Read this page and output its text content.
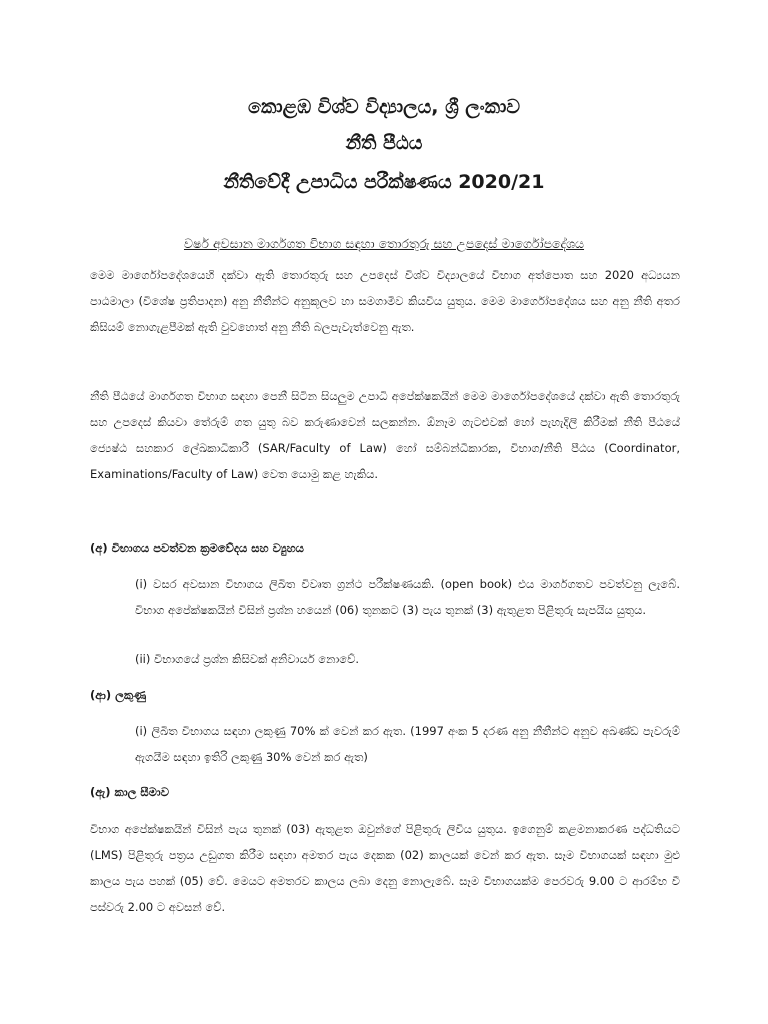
කොළඹ විශ්ව විද්‍යාලය, ශ්‍රී ලංකාව

නීති පීඨය

නීතිවේදී උපාධිය පරීක්ෂණය 2020/21

වර්ෂ අවසාන මාර්ගගත විභාග සඳහා තොරතුරු සහ උපදෙස් මාර්ගෝපදේශය

මෙම මාර්ගෝපදේශයෙහි දක්වා ඇති තොරතුරු සහ උපදෙස් විශ්ව විද්‍යාලයේ විභාග අත්පොත සහ 2020 අධ්‍යයන පාඨමාලා (විශේෂ ප්‍රතිපාදන) අනු නීතීන්ට අනුකූලව හා සමගාමීව කියවිය යුතුය. මෙම මාර්ගෝපදේශය සහ අනු නීති අතර කිසියම් නොගැළපීමක් ඇති වුවහොත් අනු නීති බලපැවැත්වෙනු ඇත.

නීති පීඨයේ මාර්ගගත විභාග සඳහා පෙනී සිටින සියලුම උපාධි අපේක්ෂකයින් මෙම මාර්ගෝපදේශයේ දක්වා ඇති තොරතුරු සහ උපදෙස් කියවා තේරුම් ගත යුතු බව කරුණාවෙන් සලකන්න. ඕනෑම ගැටළුවක් හෝ පැහැදිලි කිරීමක් නීති පීඨයේ ජ්‍යෙෂ්ඨ සහකාර ලේඛකාධිකාරී (SAR/Faculty of Law) හෝ සම්බන්ධීකාරක, විභාග/නීති පීඨය (Coordinator, Examinations/Faculty of Law) වෙත යොමු කළ හැකිය.

(අ) විභාගය පවත්වන ක්‍රමවේදය සහ ව්‍යුහය

(i) වසර අවසාන විභාගය ලිඛිත විවෘත ග්‍රන්ථ පරීක්ෂණයකි. (open book) එය මාර්ගගතව පවත්වනු ලැබේ. විභාග අපේක්ෂකයින් විසින් ප්‍රශ්න හයෙන් (06) තුනකට (3) පැය තුනක් (3) ඇතුළත පිළිතුරු සැපයිය යුතුය.

(ii) විභාගයේ ප්‍රශ්න කිසිවක් අනිවාර්ය නොවේ.

(ආ) ලකුණු

(i) ලිඛිත විභාගය සඳහා ලකුණු 70% ක් වෙන් කර ඇත. (1997 අංක 5 දරණ අනු නීතීන්ට අනුව අඛණ්ඩ පැවරුම් ඇගයීම සඳහා ඉතිරි ලකුණු 30% වෙන් කර ඇත)

(ඇ) කාල සීමාව

විභාග අපේක්ෂකයින් විසින් පැය තුනක් (03) ඇතුළත ඔවුන්ගේ පිළිතුරු ලිවිය යුතුය. ඉගෙනුම් කළමනාකරණ පද්ධතියට (LMS) පිළිතුරු පත්‍රය උඩුගත කිරීම සඳහා අමතර පැය දෙකක (02) කාලයක් වෙන් කර ඇත. සෑම විභාගයක් සඳහා මුළු කාලය පැය පහක් (05) වේ. මෙයට අමතරව කාලය ලබා දෙනු නොලැබේ. සෑම විභාගයක්ම පෙරවරු 9.00 ට ආරම්භ වී පස්වරු 2.00 ට අවසන් වේ.
